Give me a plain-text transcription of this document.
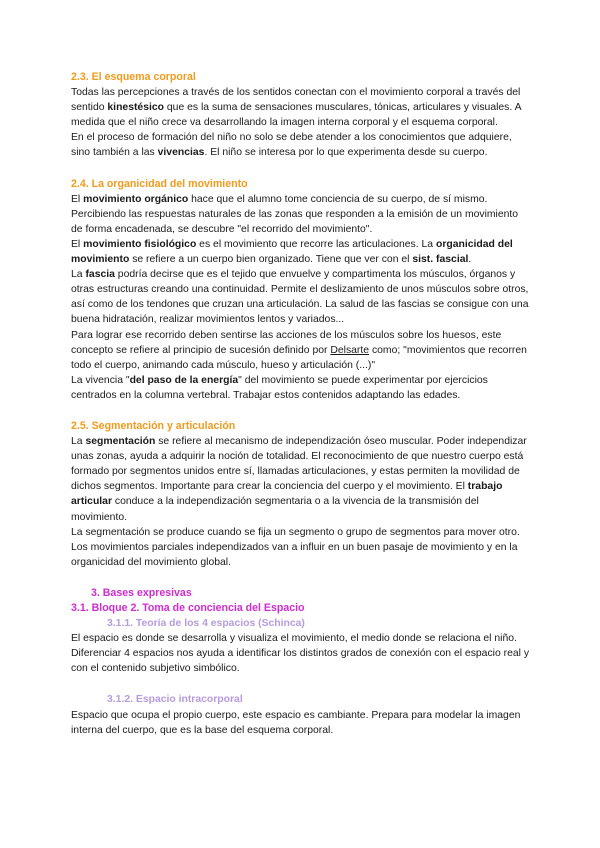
2.3. El esquema corporal

Todas las percepciones a través de los sentidos conectan con el movimiento corporal a través del sentido kinestésico que es la suma de sensaciones musculares, tónicas, articulares y visuales. A medida que el niño crece va desarrollando la imagen interna corporal y el esquema corporal.

En el proceso de formación del niño no solo se debe atender a los conocimientos que adquiere, sino también a las vivencias. El niño se interesa por lo que experimenta desde su cuerpo.

2.4. La organicidad del movimiento

El movimiento orgánico hace que el alumno tome conciencia de su cuerpo, de sí mismo. Percibiendo las respuestas naturales de las zonas que responden a la emisión de un movimiento de forma encadenada, se descubre "el recorrido del movimiento".

El movimiento fisiológico es el movimiento que recorre las articulaciones. La organicidad del movimiento se refiere a un cuerpo bien organizado. Tiene que ver con el sist. fascial.

La fascia podría decirse que es el tejido que envuelve y compartimenta los músculos, órganos y otras estructuras creando una continuidad. Permite el deslizamiento de unos músculos sobre otros, así como de los tendones que cruzan una articulación. La salud de las fascias se consigue con una buena hidratación, realizar movimientos lentos y variados...

Para lograr ese recorrido deben sentirse las acciones de los músculos sobre los huesos, este concepto se refiere al principio de sucesión definido por Delsarte como; "movimientos que recorren todo el cuerpo, animando cada músculo, hueso y articulación (...)"

La vivencia "del paso de la energía" del movimiento se puede experimentar por ejercicios centrados en la columna vertebral. Trabajar estos contenidos adaptando las edades.

2.5. Segmentación y articulación

La segmentación se refiere al mecanismo de independización óseo muscular. Poder independizar unas zonas, ayuda a adquirir la noción de totalidad. El reconocimiento de que nuestro cuerpo está formado por segmentos unidos entre sí, llamadas articulaciones, y estas permiten la movilidad de dichos segmentos. Importante para crear la conciencia del cuerpo y el movimiento. El trabajo articular conduce a la independización segmentaria o a la vivencia de la transmisión del movimiento.

La segmentación se produce cuando se fija un segmento o grupo de segmentos para mover otro. Los movimientos parciales independizados van a influir en un buen pasaje de movimiento y en la organicidad del movimiento global.

3. Bases expresivas

3.1. Bloque 2. Toma de conciencia del Espacio

3.1.1. Teoría de los 4 espacios (Schinca)

El espacio es donde se desarrolla y visualiza el movimiento, el medio donde se relaciona el niño. Diferenciar 4 espacios nos ayuda a identificar los distintos grados de conexión con el espacio real y con el contenido subjetivo simbólico.

3.1.2. Espacio intracorporal

Espacio que ocupa el propio cuerpo, este espacio es cambiante. Prepara para modelar la imagen interna del cuerpo, que es la base del esquema corporal.
